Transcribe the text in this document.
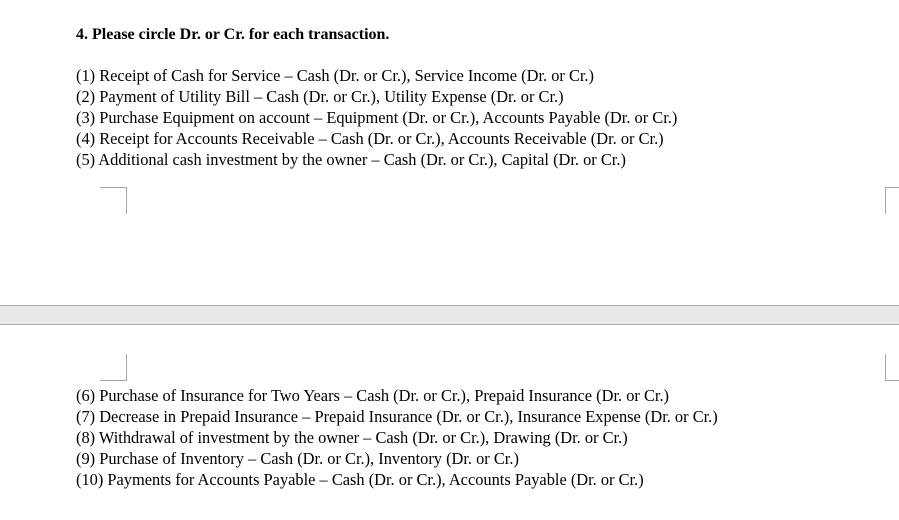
4. Please circle Dr. or Cr. for each transaction.
(1) Receipt of Cash for Service – Cash (Dr. or Cr.), Service Income (Dr. or Cr.)
(2) Payment of Utility Bill – Cash (Dr. or Cr.), Utility Expense (Dr. or Cr.)
(3) Purchase Equipment on account – Equipment (Dr. or Cr.), Accounts Payable (Dr. or Cr.)
(4) Receipt for Accounts Receivable – Cash (Dr. or Cr.), Accounts Receivable (Dr. or Cr.)
(5) Additional cash investment by the owner – Cash (Dr. or Cr.), Capital (Dr. or Cr.)
(6) Purchase of Insurance for Two Years – Cash (Dr. or Cr.), Prepaid Insurance (Dr. or Cr.)
(7) Decrease in Prepaid Insurance – Prepaid Insurance (Dr. or Cr.), Insurance Expense (Dr. or Cr.)
(8) Withdrawal of investment by the owner – Cash (Dr. or Cr.), Drawing (Dr. or Cr.)
(9) Purchase of Inventory – Cash (Dr. or Cr.), Inventory (Dr. or Cr.)
(10) Payments for Accounts Payable – Cash (Dr. or Cr.), Accounts Payable (Dr. or Cr.)
